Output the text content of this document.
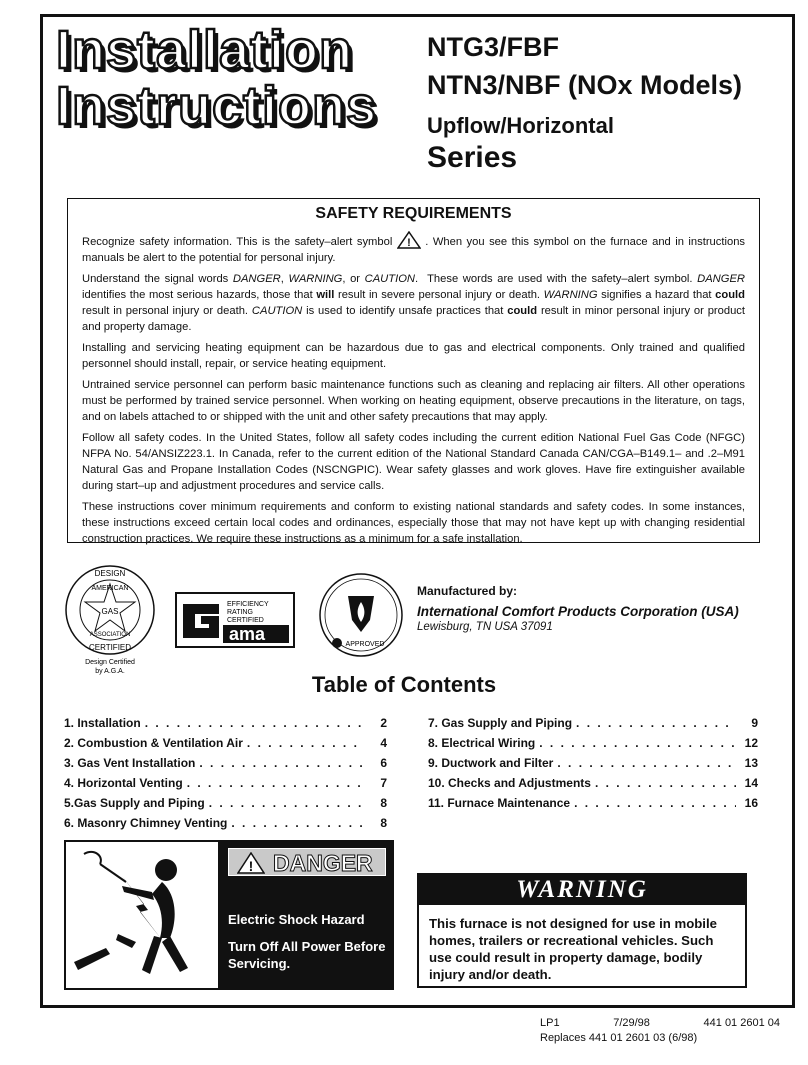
Installation
Instructions
NTG3/FBF
NTN3/NBF (NOx Models)
Upflow/Horizontal
Series
SAFETY REQUIREMENTS

Recognize safety information. This is the safety–alert symbol ! . When you see this symbol on the furnace and in instructions manuals be alert to the potential for personal injury.

Understand the signal words DANGER, WARNING, or CAUTION.  These words are used with the safety–alert symbol. DANGER identifies the most serious hazards, those that will result in severe personal injury or death. WARNING signifies a hazard that could result in personal injury or death. CAUTION is used to identify unsafe practices that could result in minor personal injury or product and property damage.

Installing and servicing heating equipment can be hazardous due to gas and electrical components. Only trained and qualified personnel should install, repair, or service heating equipment.

Untrained service personnel can perform basic maintenance functions such as cleaning and replacing air filters. All other operations must be performed by trained service personnel. When working on heating equipment, observe precautions in the literature, on tags, and on labels attached to or shipped with the unit and other safety precautions that may apply.

Follow all safety codes. In the United States, follow all safety codes including the current edition National Fuel Gas Code (NFGC) NFPA No. 54/ANSIZ223.1. In Canada, refer to the current edition of the National Standard Canada CAN/CGA–B149.1– and .2–M91 Natural Gas and Propane Installation Codes (NSCNGPIC). Wear safety glasses and work gloves. Have fire extinguisher available during start–up and adjustment procedures and service calls.

These instructions cover minimum requirements and conform to existing national standards and safety codes. In some instances, these instructions exceed certain local codes and ordinances, especially those that may not have kept up with changing residential construction practices. We require these instructions as a minimum for a safe installation.

DESIGN
AMERICAN
GAS
ASSOCIATION
CERTIFIED
Design Certified
by A.G.A.
EFFICIENCY
RATING
CERTIFIED
ama
APPROVED
Manufactured by:
International Comfort Products Corporation (USA)
Lewisburg, TN USA 37091
Table of Contents
1. Installation . . .	2
2. Combustion & Ventilation Air . . .	4
3. Gas Vent Installation . . .	6
4. Horizontal Venting . . .	7
5.Gas Supply and Piping . . .	8
6. Masonry Chimney Venting . . .	8
7. Gas Supply and Piping . . .	9
8. Electrical Wiring . . .	12
9. Ductwork and Filter . . .	13
10. Checks and Adjustments . . .	14
11. Furnace Maintenance . . .	16
! DANGER
Electric Shock Hazard
Turn Off All Power Before Servicing.
WARNING
This furnace is not designed for use in mobile homes, trailers or recreational vehicles. Such use could result in property damage, bodily injury and/or death.
LP1	7/29/98	441 01 2601 04
Replaces 441 01 2601 03 (6/98)
